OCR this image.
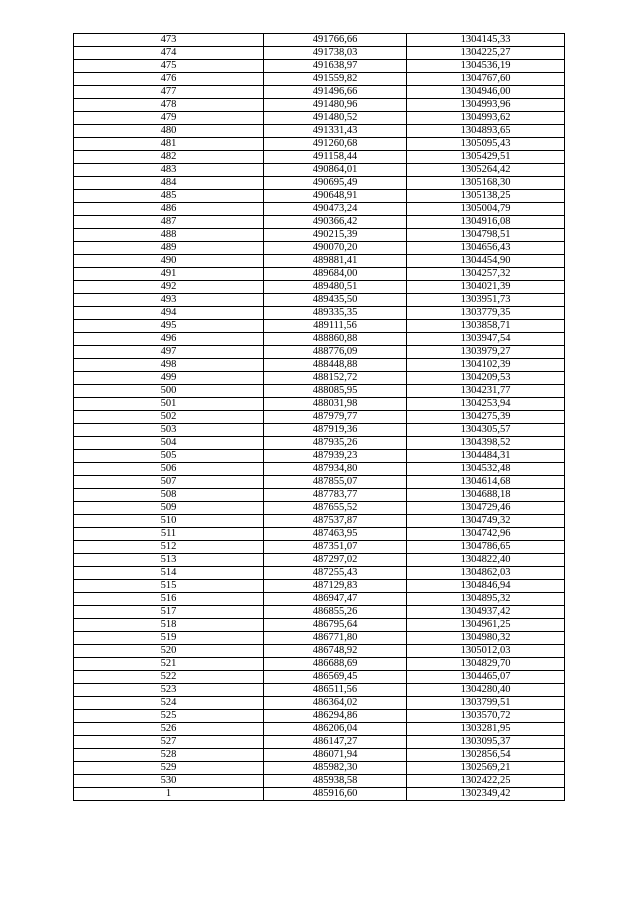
473	491766,66	1304145,33
474	491738,03	1304225,27
475	491638,97	1304536,19
476	491559,82	1304767,60
477	491496,66	1304946,00
478	491480,96	1304993,96
479	491480,52	1304993,62
480	491331,43	1304893,65
481	491260,68	1305095,43
482	491158,44	1305429,51
483	490864,01	1305264,42
484	490695,49	1305168,30
485	490648,91	1305138,25
486	490473,24	1305004,79
487	490366,42	1304916,08
488	490215,39	1304798,51
489	490070,20	1304656,43
490	489881,41	1304454,90
491	489684,00	1304257,32
492	489480,51	1304021,39
493	489435,50	1303951,73
494	489335,35	1303779,35
495	489111,56	1303858,71
496	488860,88	1303947,54
497	488776,09	1303979,27
498	488448,88	1304102,39
499	488152,72	1304209,53
500	488085,95	1304231,77
501	488031,98	1304253,94
502	487979,77	1304275,39
503	487919,36	1304305,57
504	487935,26	1304398,52
505	487939,23	1304484,31
506	487934,80	1304532,48
507	487855,07	1304614,68
508	487783,77	1304688,18
509	487655,52	1304729,46
510	487537,87	1304749,32
511	487463,95	1304742,96
512	487351,07	1304786,65
513	487297,02	1304822,40
514	487255,43	1304862,03
515	487129,83	1304846,94
516	486947,47	1304895,32
517	486855,26	1304937,42
518	486795,64	1304961,25
519	486771,80	1304980,32
520	486748,92	1305012,03
521	486688,69	1304829,70
522	486569,45	1304465,07
523	486511,56	1304280,40
524	486364,02	1303799,51
525	486294,86	1303570,72
526	486206,04	1303281,95
527	486147,27	1303095,37
528	486071,94	1302856,54
529	485982,30	1302569,21
530	485938,58	1302422,25
1	485916,60	1302349,42
